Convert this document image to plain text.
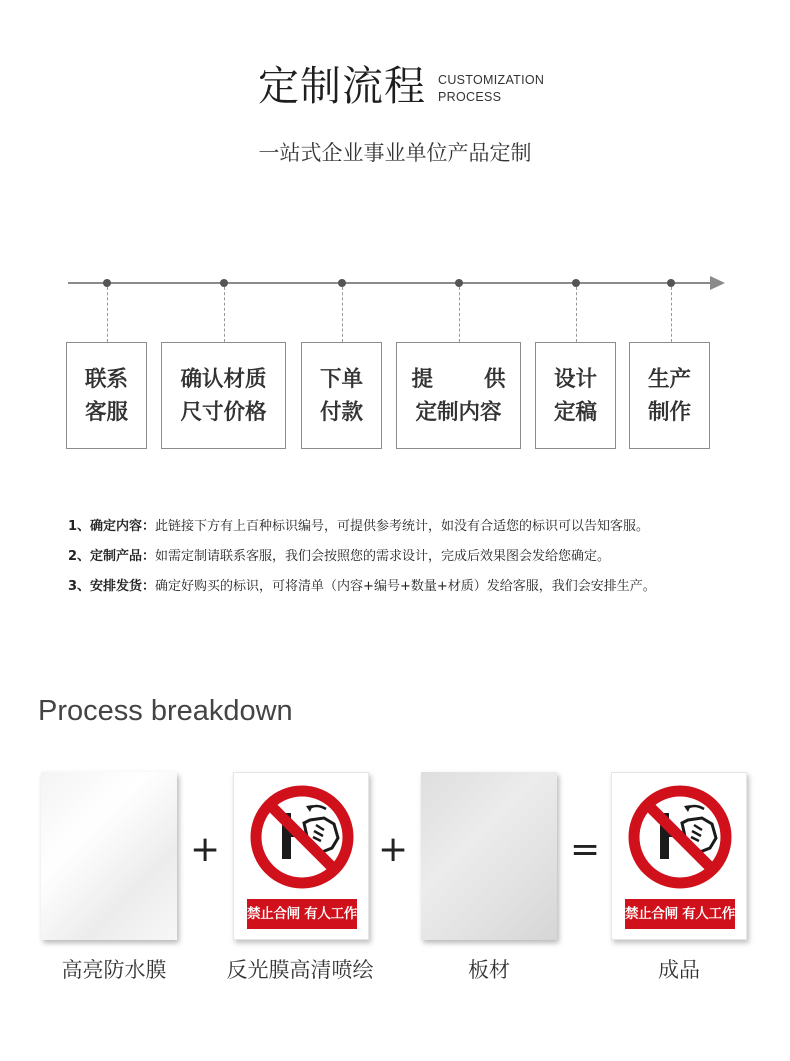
定制流程 CUSTOMIZATION
PROCESS
一站式企业事业单位产品定制
联系
客服
确认材质
尺寸价格
下单
付款
提 供
定制内容
设计
定稿
生产
制作
1、确定内容：此链接下方有上百种标识编号，可提供参考统计，如没有合适您的标识可以告知客服。
2、定制产品：如需定制请联系客服，我们会按照您的需求设计，完成后效果图会发给您确定。
3、安排发货：确定好购买的标识，可将清单（内容+编号+数量+材质）发给客服，我们会安排生产。
Process breakdown
+
禁止合闸 有人工作
+	=
禁止合闸 有人工作
高亮防水膜	反光膜高清喷绘	板材	成品
